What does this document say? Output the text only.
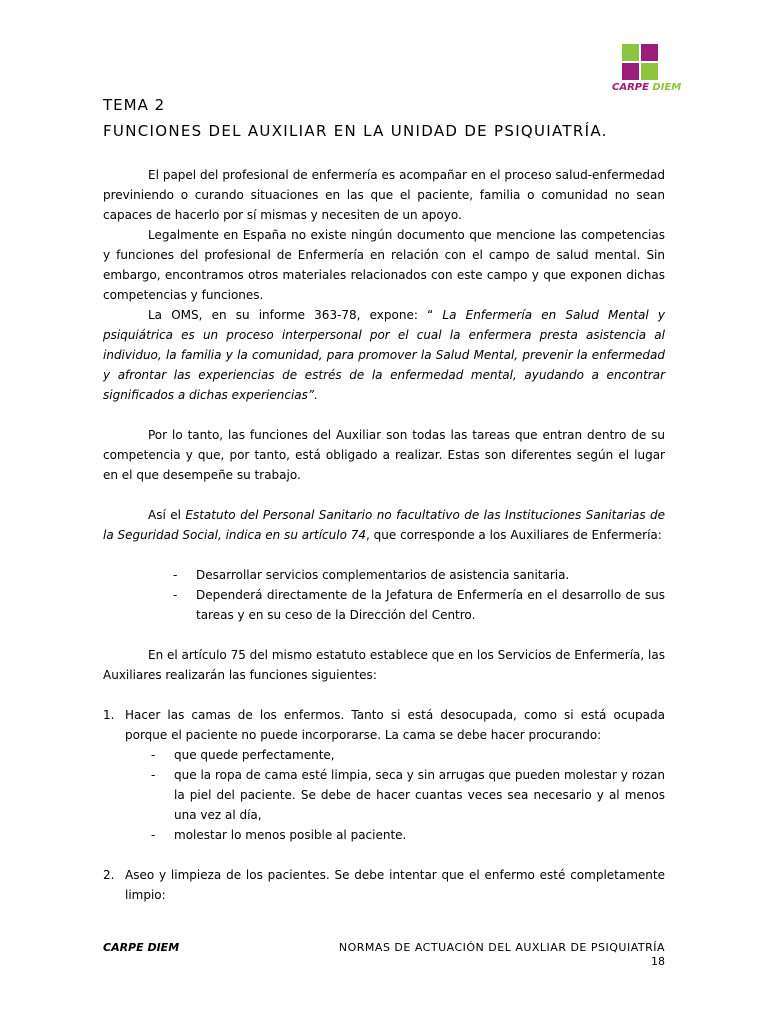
CARPE DIEM
TEMA 2
FUNCIONES DEL AUXILIAR EN LA UNIDAD DE PSIQUIATRÍA.

El papel del profesional de enfermería es acompañar en el proceso salud-enfermedad previniendo o curando situaciones en las que el paciente, familia o comunidad no sean capaces de hacerlo por sí mismas y necesiten de un apoyo.

Legalmente en España no existe ningún documento que mencione las competencias y funciones del profesional de Enfermería en relación con el campo de salud mental. Sin embargo, encontramos otros materiales relacionados con este campo y que exponen dichas competencias y funciones.

La OMS, en su informe 363-78, expone: “ La Enfermería en Salud Mental y psiquiátrica es un proceso interpersonal por el cual la enfermera presta asistencia al individuo, la familia y la comunidad, para promover la Salud Mental, prevenir la enfermedad y afrontar las experiencias de estrés de la enfermedad mental, ayudando a encontrar significados a dichas experiencias”.

Por lo tanto, las funciones del Auxiliar son todas las tareas que entran dentro de su competencia y que, por tanto, está obligado a realizar. Estas son diferentes según el lugar en el que desempeñe su trabajo.

Así el Estatuto del Personal Sanitario no facultativo de las Instituciones Sanitarias de la Seguridad Social, indica en su artículo 74, que corresponde a los Auxiliares de Enfermería:

- Desarrollar servicios complementarios de asistencia sanitaria.
- Dependerá directamente de la Jefatura de Enfermería en el desarrollo de sus tareas y en su ceso de la Dirección del Centro.

En el artículo 75 del mismo estatuto establece que en los Servicios de Enfermería, las Auxiliares realizarán las funciones siguientes:

1. Hacer las camas de los enfermos. Tanto si está desocupada, como si está ocupada porque el paciente no puede incorporarse. La cama se debe hacer procurando:
- que quede perfectamente,
- que la ropa de cama esté limpia, seca y sin arrugas que pueden molestar y rozan la piel del paciente. Se debe de hacer cuantas veces sea necesario y al menos una vez al día,
- molestar lo menos posible al paciente.
2. Aseo y limpieza de los pacientes. Se debe intentar que el enfermo esté completamente limpio:
CARPE DIEM	NORMAS DE ACTUACIÓN DEL AUXLIAR DE PSIQUIATRÍA
18
